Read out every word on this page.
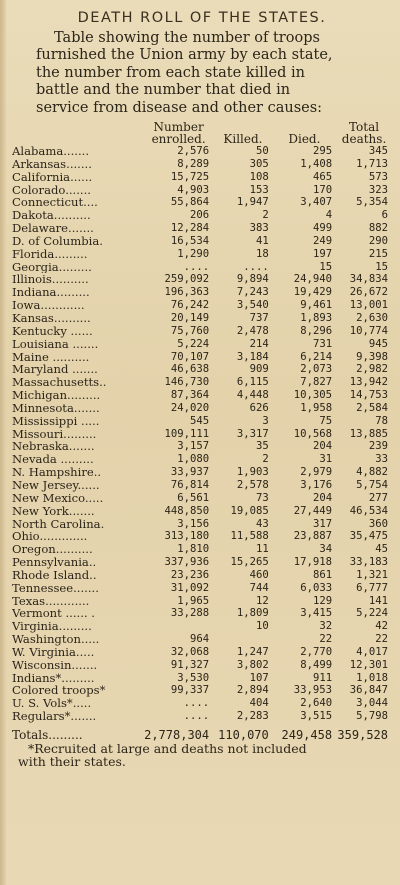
DEATH ROLL OF THE STATES.
Table showing the number of troops
furnished the Union army by each state,
the number from each state killed in
battle and the number that died in
service from disease and other causes:
	Number
enrolled.	Killed.	Died.	Total
deaths.
Alabama.......	2,576	50	295	345
Arkansas.......	8,289	305	1,408	1,713
California......	15,725	108	465	573
Colorado.......	4,903	153	170	323
Connecticut....	55,864	1,947	3,407	5,354
Dakota..........	206	2	4	6
Delaware.......	12,284	383	499	882
D. of Columbia.	16,534	41	249	290
Florida.........	1,290	18	197	215
Georgia.........	....	....	15	15
Illinois..........	259,092	9,894	24,940	34,834
Indiana.........	196,363	7,243	19,429	26,672
Iowa............	76,242	3,540	9,461	13,001
Kansas..........	20,149	737	1,893	2,630
Kentucky ......	75,760	2,478	8,296	10,774
Louisiana .......	5,224	214	731	945
Maine ..........	70,107	3,184	6,214	9,398
Maryland .......	46,638	909	2,073	2,982
Massachusetts..	146,730	6,115	7,827	13,942
Michigan.........	87,364	4,448	10,305	14,753
Minnesota.......	24,020	626	1,958	2,584
Mississippi .....	545	3	75	78
Missouri.........	109,111	3,317	10,568	13,885
Nebraska.......	3,157	35	204	239
Nevada .........	1,080	2	31	33
N. Hampshire..	33,937	1,903	2,979	4,882
New Jersey......	76,814	2,578	3,176	5,754
New Mexico.....	6,561	73	204	277
New York.......	448,850	19,085	27,449	46,534
North Carolina.	3,156	43	317	360
Ohio.............	313,180	11,588	23,887	35,475
Oregon..........	1,810	11	34	45
Pennsylvania..	337,936	15,265	17,918	33,183
Rhode Island..	23,236	460	861	1,321
Tennessee.......	31,092	744	6,033	6,777
Texas............	1,965	12	129	141
Vermont ...... .	33,288	1,809	3,415	5,224
Virginia.........		10	32	42
Washington.....	964		22	22
W. Virginia.....	32,068	1,247	2,770	4,017
Wisconsin.......	91,327	3,802	8,499	12,301
Indians*.........	3,530	107	911	1,018
Colored troops*	99,337	2,894	33,953	36,847
U. S. Vols*.....	....	404	2,640	3,044
Regulars*.......	....	2,283	3,515	5,798
Totals.........	2,778,304	110,070	249,458	359,528
*Recruited at large and deaths not included
with their states.
